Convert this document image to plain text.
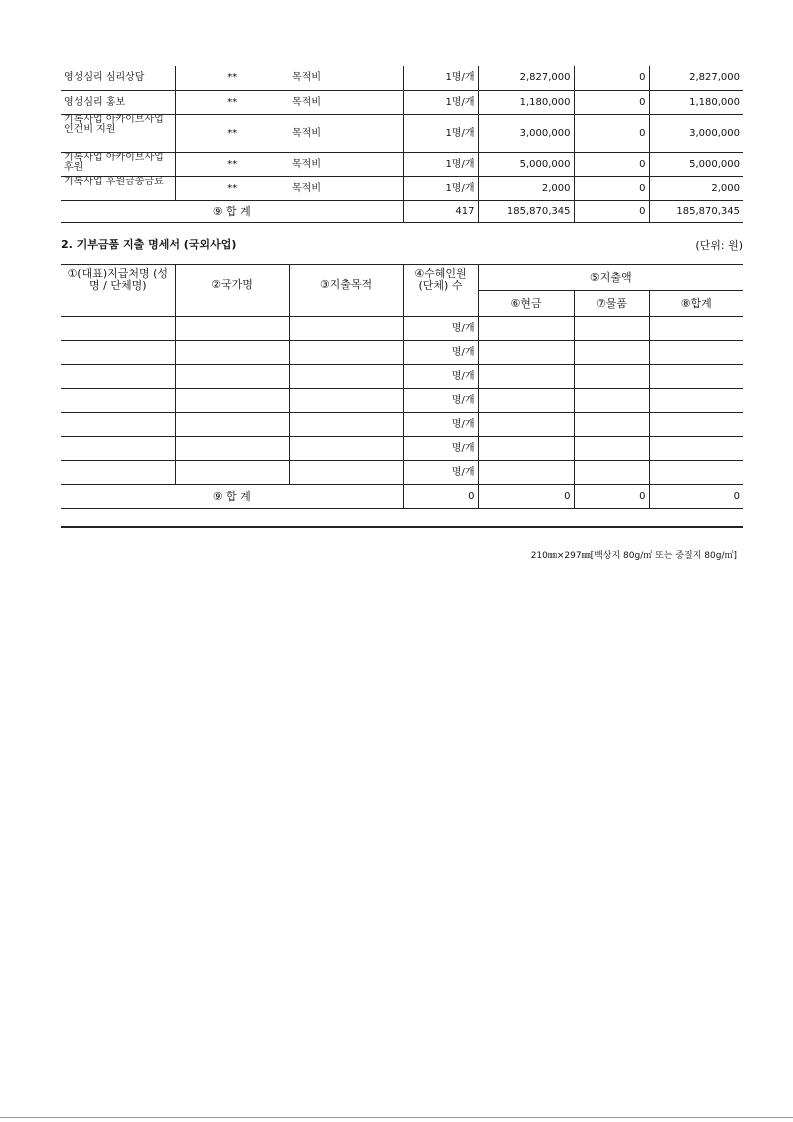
영성심리 심리상담	**	목적비	1명/개	2,827,000	0	2,827,000
영성심리 홍보	**	목적비	1명/개	1,180,000	0	1,180,000
기록사업 아카이브사업 인건비 지원	**	목적비	1명/개	3,000,000	0	3,000,000
기록사업 아카이브사업후원	**	목적비	1명/개	5,000,000	0	5,000,000
기록사업 후원금송금료	**	목적비	1명/개	2,000	0	2,000
⑨ 합 계			417	185,870,345	0	185,870,345
2. 기부금품 지출 명세서 (국외사업)	(단위: 원)
①(대표)지급처명 (성명 / 단체명)	②국가명	③지출목적	④수혜인원 (단체) 수	⑤지출액		
				⑥현금	⑦물품	⑧합계
			명/개			
			명/개			
			명/개			
			명/개			
			명/개			
			명/개			
			명/개			
⑨ 합 계			0	0	0	0
210㎜×297㎜[백상지 80g/㎡ 또는 중질지 80g/㎡]
